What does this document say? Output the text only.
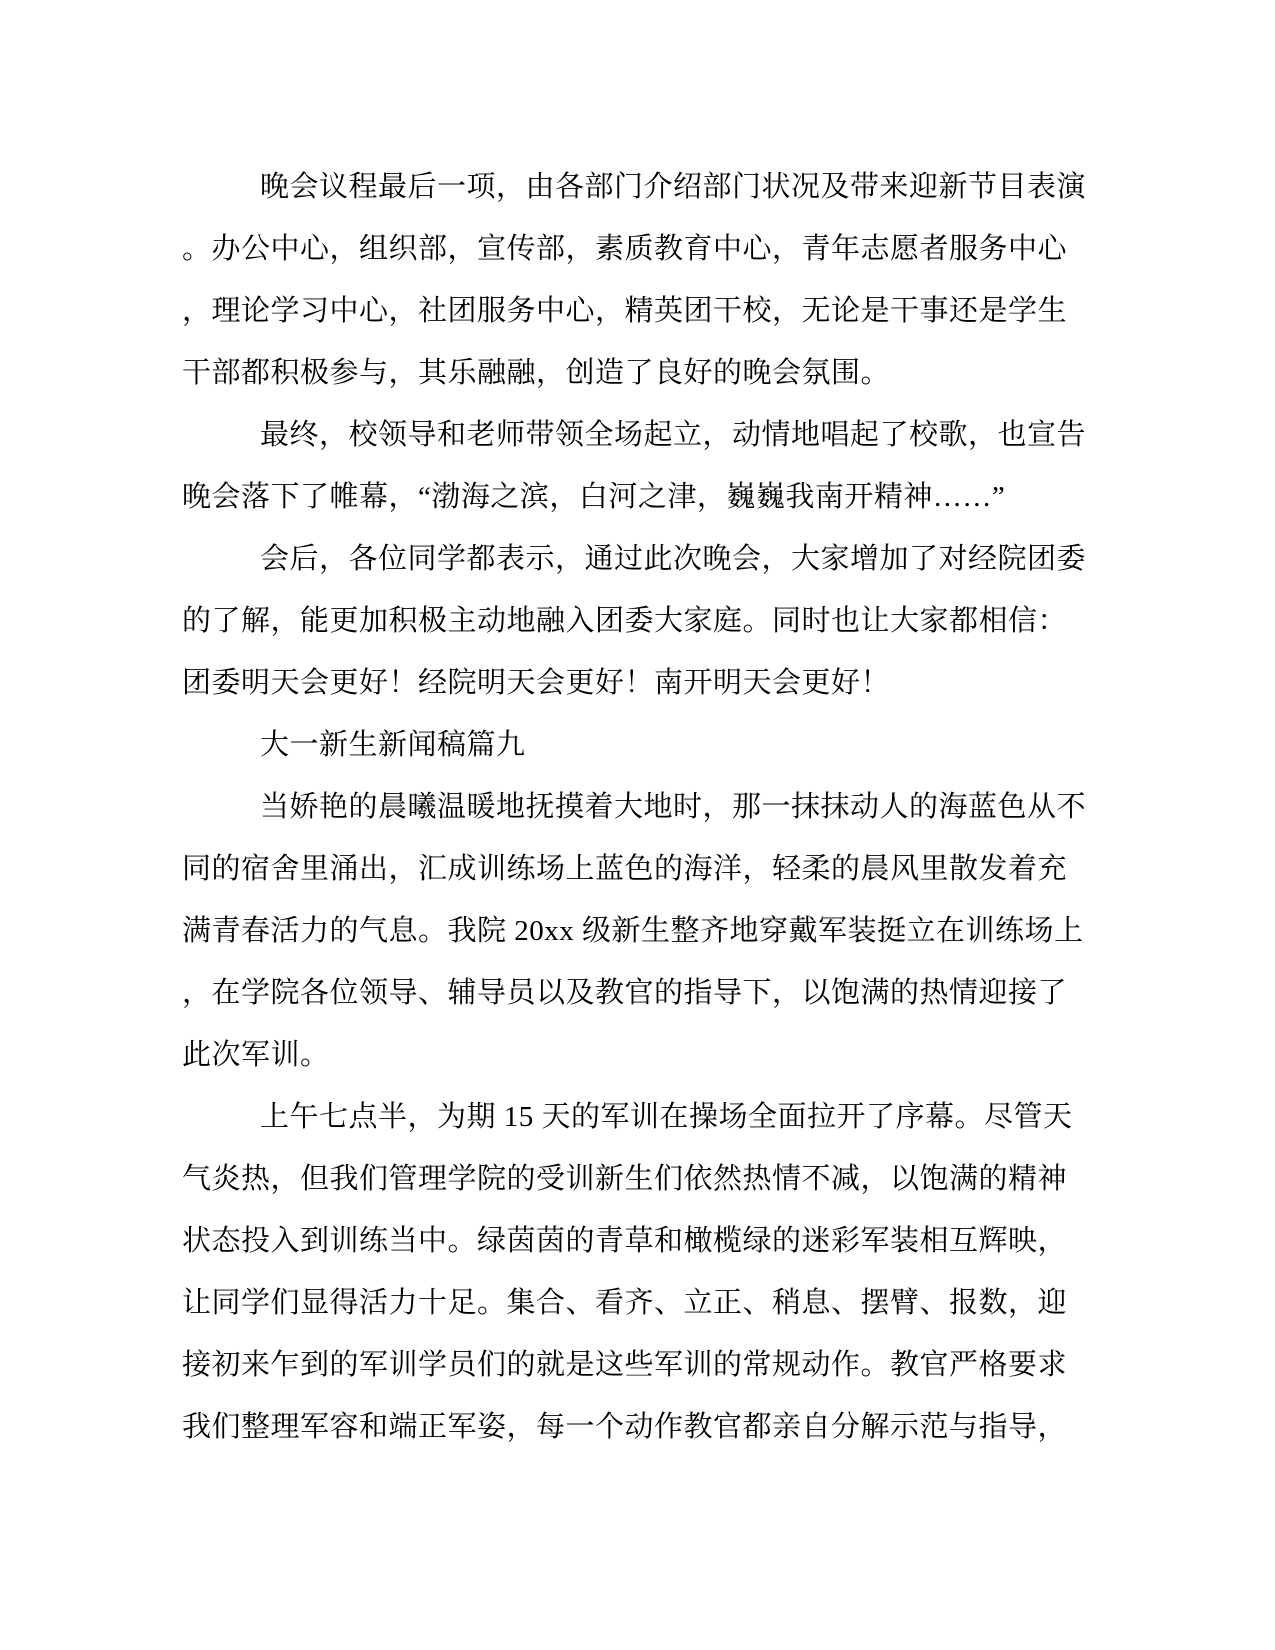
晚会议程最后一项，由各部门介绍部门状况及带来迎新节目表演
。办公中心，组织部，宣传部，素质教育中心，青年志愿者服务中心
，理论学习中心，社团服务中心，精英团干校，无论是干事还是学生
干部都积极参与，其乐融融，创造了良好的晚会氛围。
最终，校领导和老师带领全场起立，动情地唱起了校歌，也宣告
晚会落下了帷幕，“渤海之滨，白河之津，巍巍我南开精神……”
会后，各位同学都表示，通过此次晚会，大家增加了对经院团委
的了解，能更加积极主动地融入团委大家庭。同时也让大家都相信：
团委明天会更好！经院明天会更好！南开明天会更好！
大一新生新闻稿篇九
当娇艳的晨曦温暖地抚摸着大地时，那一抹抹动人的海蓝色从不
同的宿舍里涌出，汇成训练场上蓝色的海洋，轻柔的晨风里散发着充
满青春活力的气息。我院 20xx 级新生整齐地穿戴军装挺立在训练场上
，在学院各位领导、辅导员以及教官的指导下，以饱满的热情迎接了
此次军训。
上午七点半，为期 15 天的军训在操场全面拉开了序幕。尽管天
气炎热，但我们管理学院的受训新生们依然热情不减，以饱满的精神
状态投入到训练当中。绿茵茵的青草和橄榄绿的迷彩军装相互辉映，
让同学们显得活力十足。集合、看齐、立正、稍息、摆臂、报数，迎
接初来乍到的军训学员们的就是这些军训的常规动作。教官严格要求
我们整理军容和端正军姿，每一个动作教官都亲自分解示范与指导，
